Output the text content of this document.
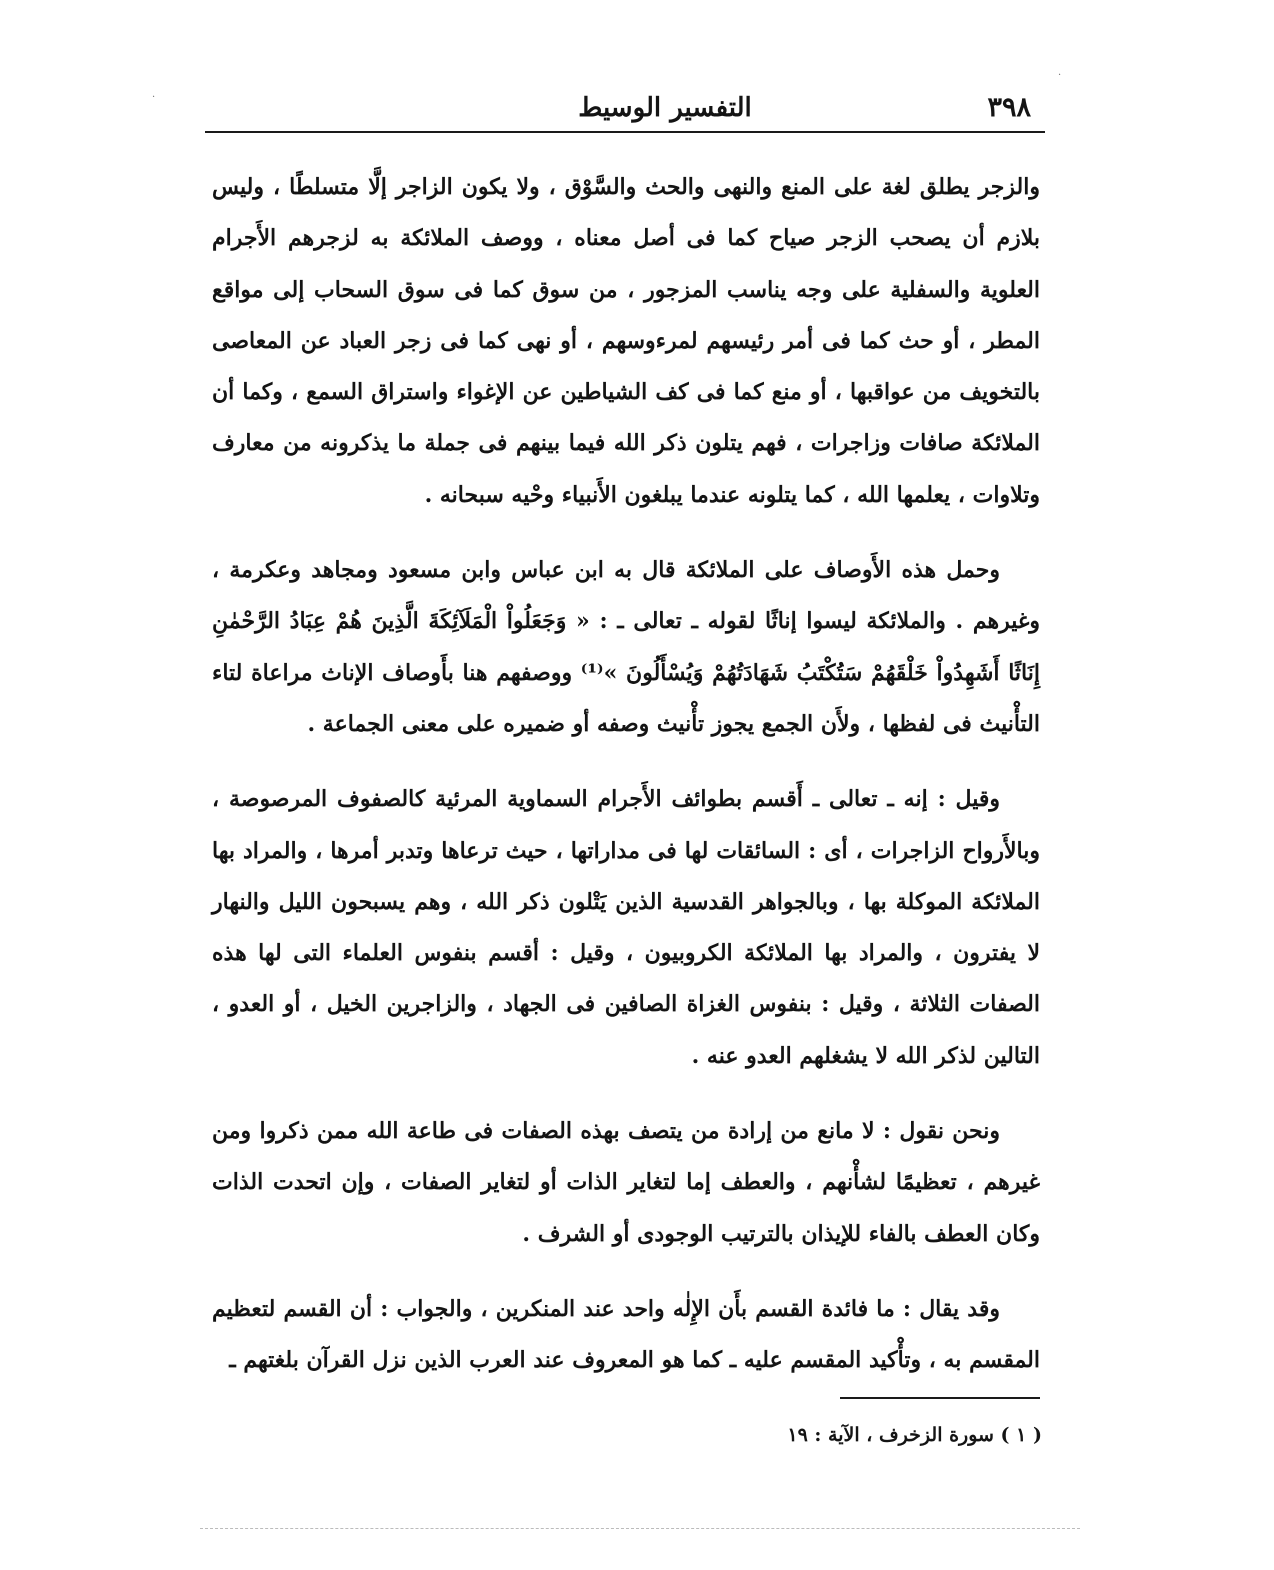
·
·	٣٩٨
التفسير الوسيط

والزجر يطلق لغة على المنع والنهى والحث والسَّوْق ، ولا يكون الزاجر إلَّا متسلطًا ، وليس بلازم أن يصحب الزجر صياح كما فى أصل معناه ، ووصف الملائكة به لزجرهم الأَجرام العلوية والسفلية على وجه يناسب المزجور ، من سوق كما فى سوق السحاب إلى مواقع المطر ، أو حث كما فى أمر رئيسهم لمرءوسهم ، أو نهى كما فى زجر العباد عن المعاصى بالتخويف من عواقبها ، أو منع كما فى كف الشياطين عن الإغواء واستراق السمع ، وكما أن الملائكة صافات وزاجرات ، فهم يتلون ذكر الله فيما بينهم فى جملة ما يذكرونه من معارف وتلاوات ، يعلمها الله ، كما يتلونه عندما يبلغون الأَنبياء وحْيه سبحانه .

وحمل هذه الأَوصاف على الملائكة قال به ابن عباس وابن مسعود ومجاهد وعكرمة ، وغيرهم . والملائكة ليسوا إناثًا لقوله ـ تعالى ـ : « وَجَعَلُواْ الْمَلَآئِكَةَ الَّذِينَ هُمْ عِبَادُ الرَّحْمٰنِ إِنَاثًا أَشَهِدُواْ خَلْقَهُمْ سَتُكْتَبُ شَهَادَتُهُمْ وَيُسْأَلُونَ »⁽¹⁾ ووصفهم هنا بأَوصاف الإناث مراعاة لتاء التأْنيث فى لفظها ، ولأَن الجمع يجوز تأْنيث وصفه أو ضميره على معنى الجماعة .

وقيل : إنه ـ تعالى ـ أَقسم بطوائف الأَجرام السماوية المرئية كالصفوف المرصوصة ، وبالأَرواح الزاجرات ، أى : السائقات لها فى مداراتها ، حيث ترعاها وتدبر أمرها ، والمراد بها الملائكة الموكلة بها ، وبالجواهر القدسية الذين يَتْلون ذكر الله ، وهم يسبحون الليل والنهار لا يفترون ، والمراد بها الملائكة الكروبيون ، وقيل : أقسم بنفوس العلماء التى لها هذه الصفات الثلاثة ، وقيل : بنفوس الغزاة الصافين فى الجهاد ، والزاجرين الخيل ، أو العدو ، التالين لذكر الله لا يشغلهم العدو عنه .

ونحن نقول : لا مانع من إرادة من يتصف بهذه الصفات فى طاعة الله ممن ذكروا ومن غيرهم ، تعظيمًا لشأْنهم ، والعطف إما لتغاير الذات أو لتغاير الصفات ، وإن اتحدت الذات وكان العطف بالفاء للإيذان بالترتيب الوجودى أو الشرف .

وقد يقال : ما فائدة القسم بأَن الإِلٰه واحد عند المنكرين ، والجواب : أن القسم لتعظيم المقسم به ، وتأْكيد المقسم عليه ـ كما هو المعروف عند العرب الذين نزل القرآن بلغتهم ـ

( ١ ) سورة الزخرف ، الآية : ١٩
